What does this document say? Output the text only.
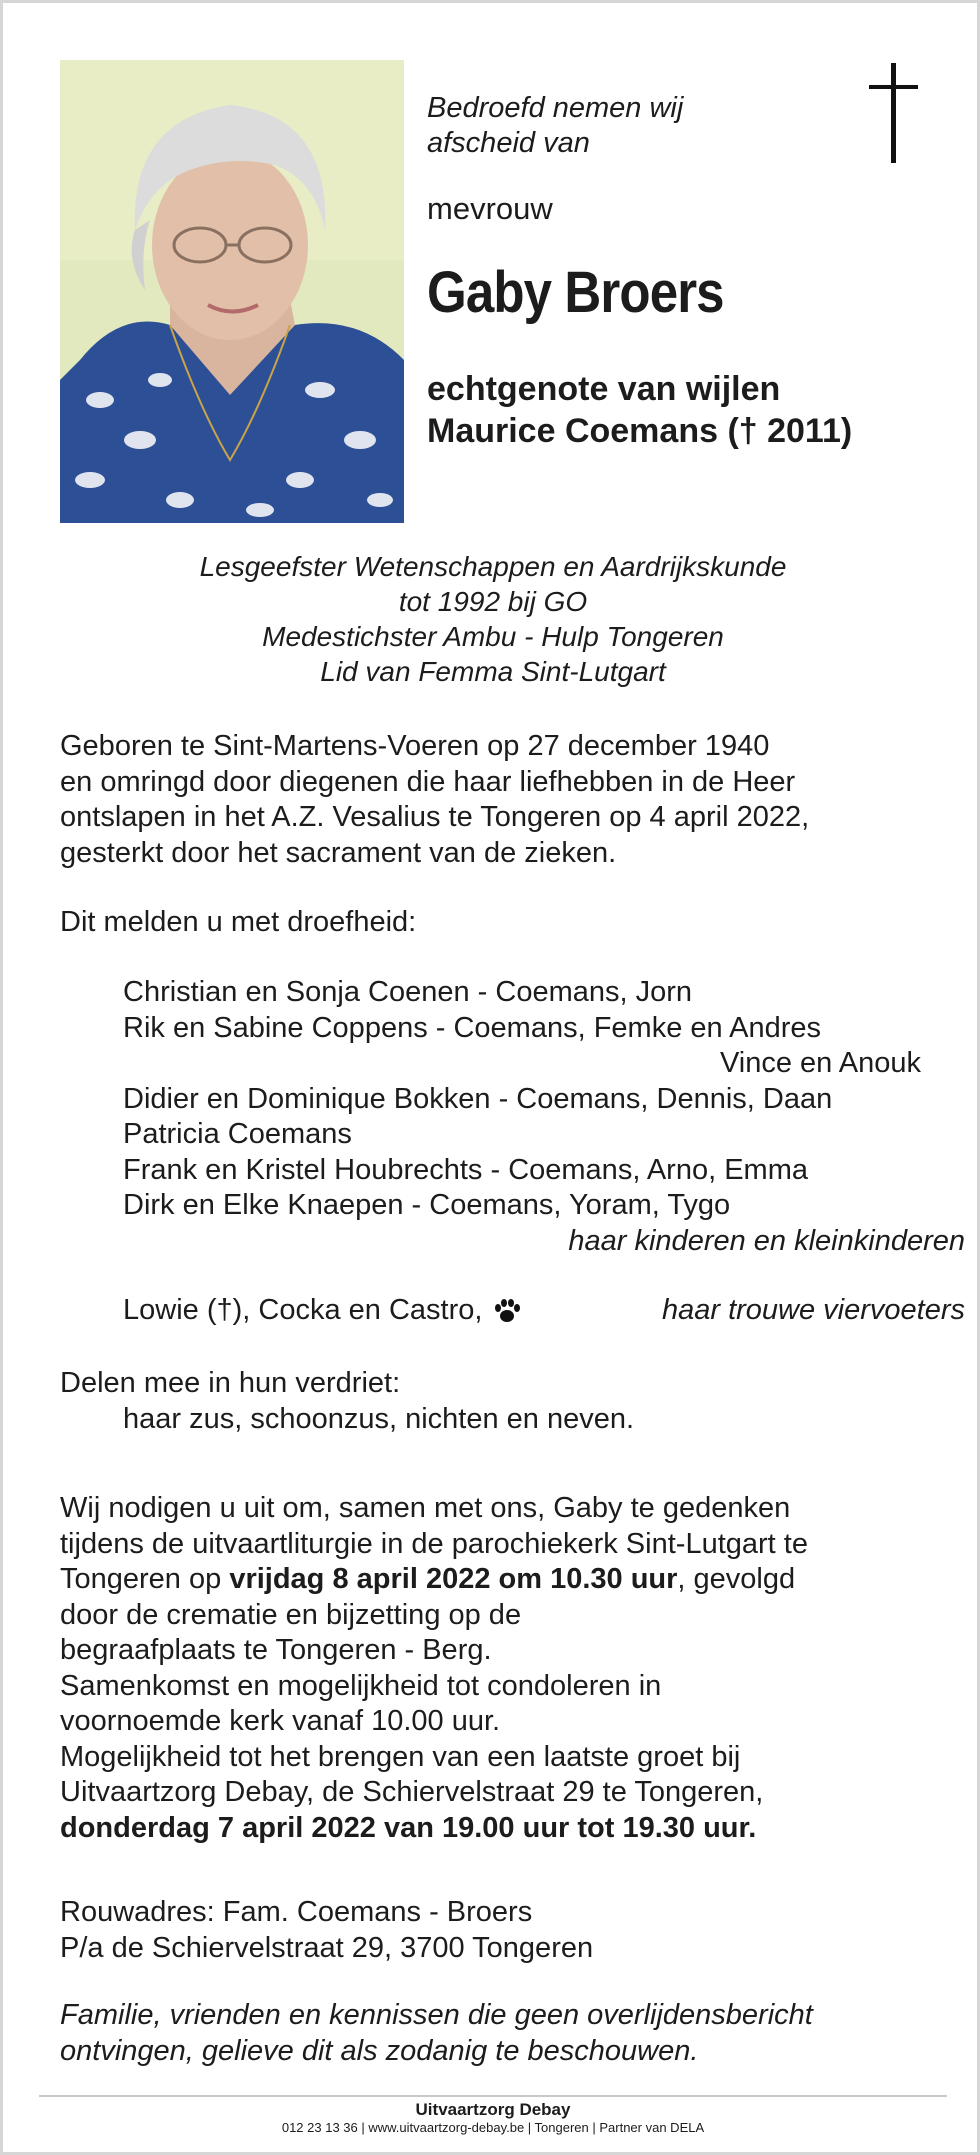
Bedroefd nemen wij
afscheid van
mevrouw
Gaby Broers
echtgenote van wijlen
Maurice Coemans († 2011)
Lesgeefster Wetenschappen en Aardrijkskunde
tot 1992 bij GO
Medestichster Ambu - Hulp Tongeren
Lid van Femma Sint-Lutgart
Geboren te Sint-Martens-Voeren op 27 december 1940
en omringd door diegenen die haar liefhebben in de Heer
ontslapen in het A.Z. Vesalius te Tongeren op 4 april 2022,
gesterkt door het sacrament van de zieken.
Dit melden u met droefheid:
Christian en Sonja Coenen - Coemans, Jorn
Rik en Sabine Coppens - Coemans, Femke en Andres
Vince en Anouk
Didier en Dominique Bokken - Coemans, Dennis, Daan
Patricia Coemans
Frank en Kristel Houbrechts - Coemans, Arno, Emma
Dirk en Elke Knaepen - Coemans, Yoram, Tygo
haar kinderen en kleinkinderen
Lowie (†), Cocka en Castro,	haar trouwe viervoeters
Delen mee in hun verdriet:
haar zus, schoonzus, nichten en neven.
Wij nodigen u uit om, samen met ons, Gaby te gedenken
tijdens de uitvaartliturgie in de parochiekerk Sint-Lutgart te
Tongeren op vrijdag 8 april 2022 om 10.30 uur, gevolgd
door de crematie en bijzetting op de
begraafplaats te Tongeren - Berg.
Samenkomst en mogelijkheid tot condoleren in
voornoemde kerk vanaf 10.00 uur.
Mogelijkheid tot het brengen van een laatste groet bij
Uitvaartzorg Debay, de Schiervelstraat 29 te Tongeren,
donderdag 7 april 2022 van 19.00 uur tot 19.30 uur.
Rouwadres: Fam. Coemans - Broers
P/a de Schiervelstraat 29, 3700 Tongeren
Familie, vrienden en kennissen die geen overlijdensbericht
ontvingen, gelieve dit als zodanig te beschouwen.
Uitvaartzorg Debay
012 23 13 36 | www.uitvaartzorg-debay.be | Tongeren | Partner van DELA
